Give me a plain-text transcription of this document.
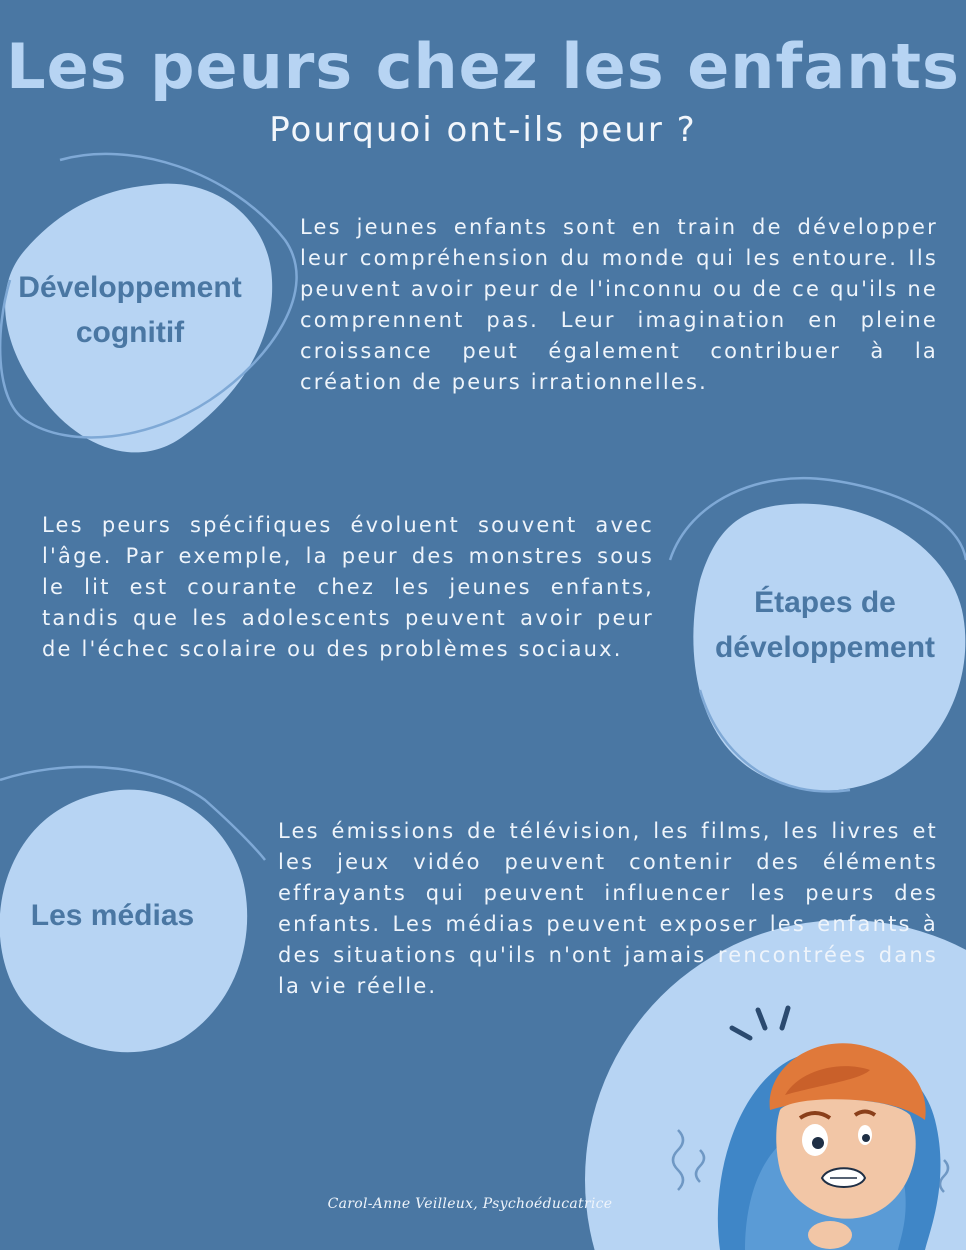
Les peurs chez les enfants
Pourquoi ont-ils peur ?
Développement
cognitif

Les jeunes enfants sont en train de développer leur compréhension du monde qui les entoure. Ils peuvent avoir peur de l'inconnu ou de ce qu'ils ne comprennent pas. Leur imagination en pleine croissance peut également contribuer à la création de peurs irrationnelles.

Les peurs spécifiques évoluent souvent avec l'âge. Par exemple, la peur des monstres sous le lit est courante chez les jeunes enfants, tandis que les adolescents peuvent avoir peur de l'échec scolaire ou des problèmes sociaux.

Étapes de
développement
Les médias

Les émissions de télévision, les films, les livres et les jeux vidéo peuvent contenir des éléments effrayants qui peuvent influencer les peurs des enfants. Les médias peuvent exposer les enfants à des situations qu'ils n'ont jamais rencontrées dans la vie réelle.

Carol-Anne Veilleux, Psychoéducatrice
